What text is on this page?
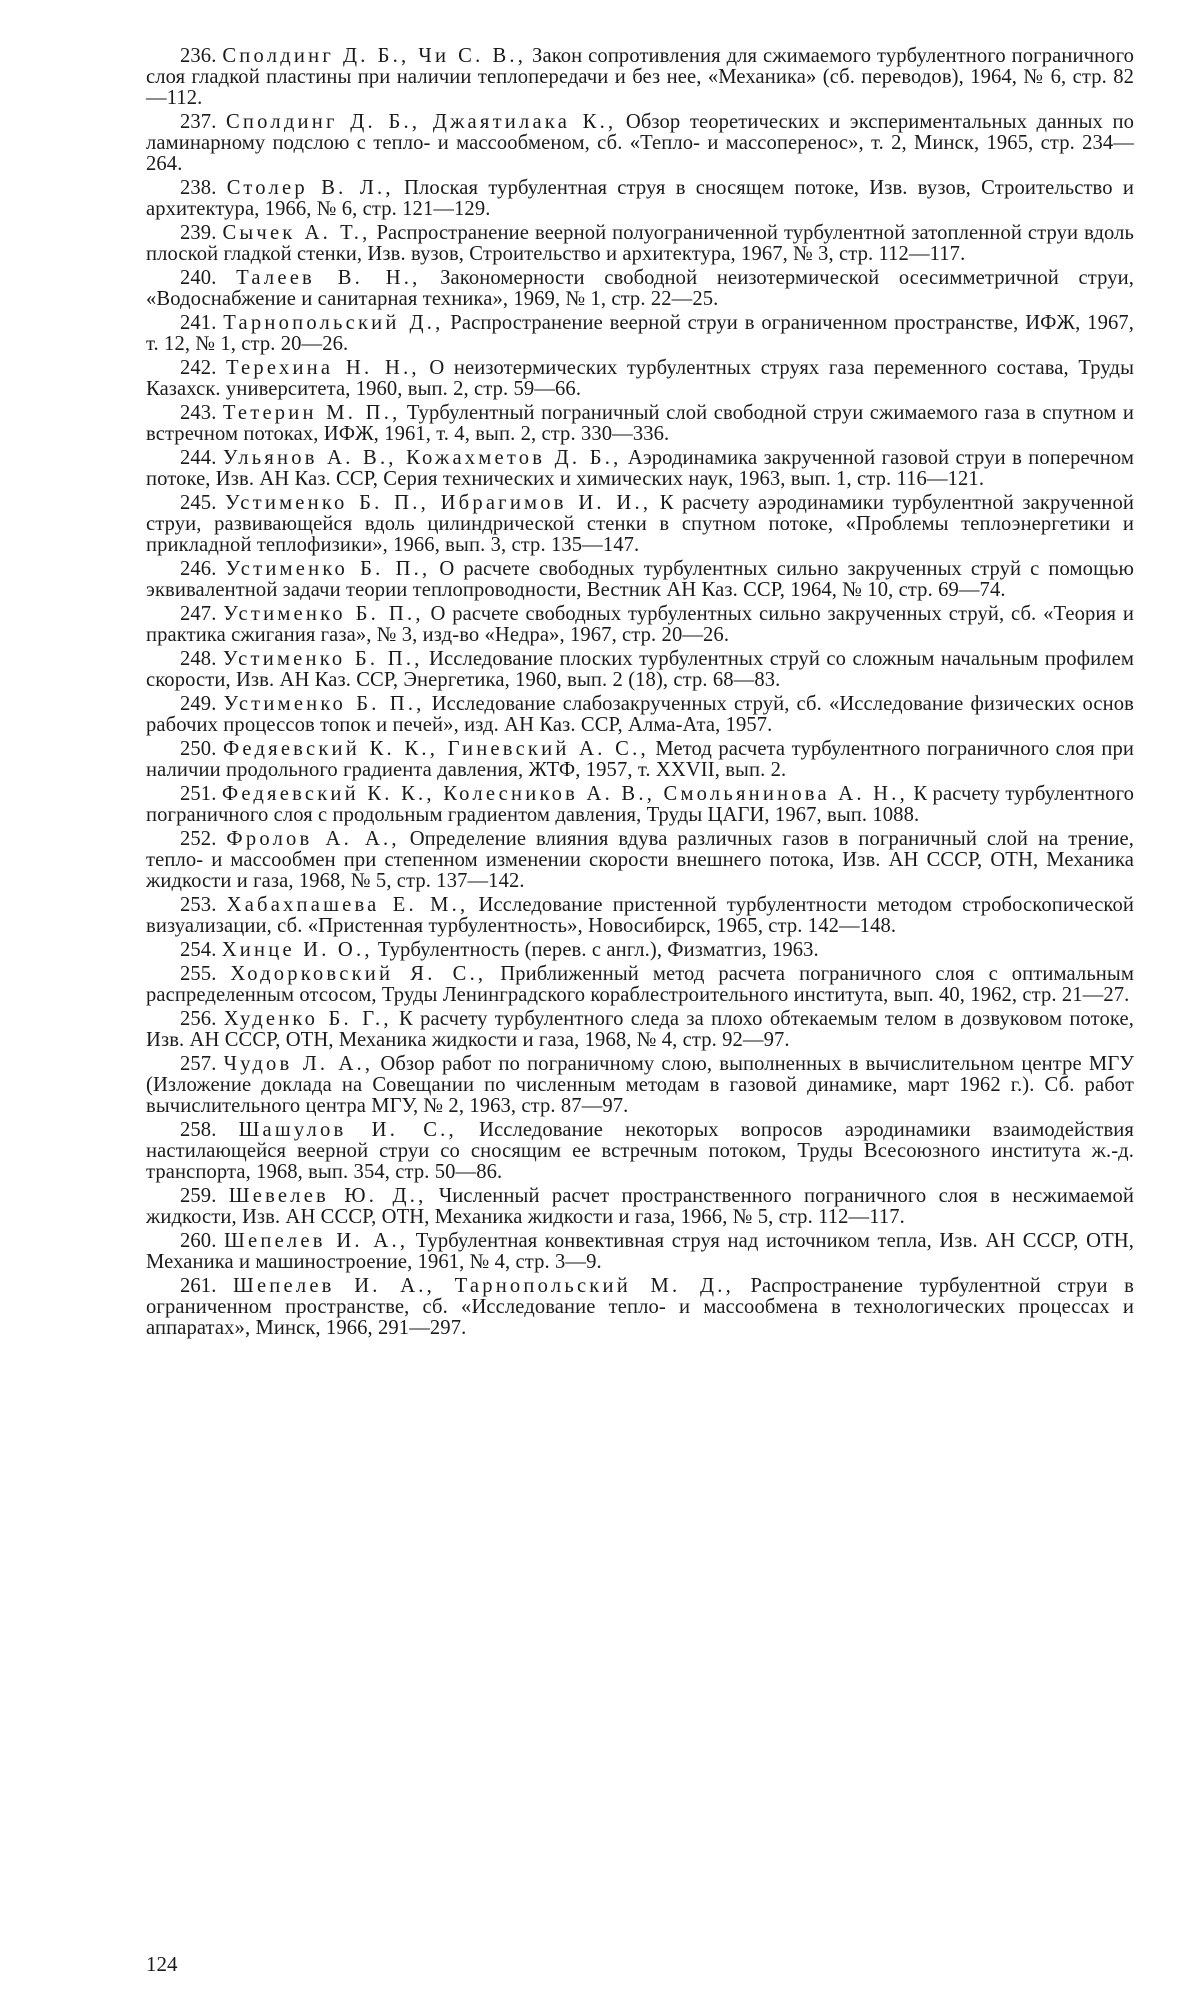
236. Сполдинг Д. Б., Чи С. В., Закон сопротивления для сжимаемого турбулентного пограничного слоя гладкой пластины при наличии теплопередачи и без нее, «Механика» (сб. переводов), 1964, № 6, стр. 82—112.

237. Сполдинг Д. Б., Джаятилака К., Обзор теоретических и экспериментальных данных по ламинарному подслою с тепло- и массообменом, сб. «Тепло- и массоперенос», т. 2, Минск, 1965, стр. 234—264.

238. Столер В. Л., Плоская турбулентная струя в сносящем потоке, Изв. вузов, Строительство и архитектура, 1966, № 6, стр. 121—129.

239. Сычек А. Т., Распространение веерной полуограниченной турбулентной затопленной струи вдоль плоской гладкой стенки, Изв. вузов, Строительство и архитектура, 1967, № 3, стр. 112—117.

240. Талеев В. Н., Закономерности свободной неизотермической осесимметричной струи, «Водоснабжение и санитарная техника», 1969, № 1, стр. 22—25.

241. Тарнопольский Д., Распространение веерной струи в ограниченном пространстве, ИФЖ, 1967, т. 12, № 1, стр. 20—26.

242. Терехина Н. Н., О неизотермических турбулентных струях газа переменного состава, Труды Казахск. университета, 1960, вып. 2, стр. 59—66.

243. Тетерин М. П., Турбулентный пограничный слой свободной струи сжимаемого газа в спутном и встречном потоках, ИФЖ, 1961, т. 4, вып. 2, стр. 330—336.

244. Ульянов А. В., Кожахметов Д. Б., Аэродинамика закрученной газовой струи в поперечном потоке, Изв. АН Каз. ССР, Серия технических и химических наук, 1963, вып. 1, стр. 116—121.

245. Устименко Б. П., Ибрагимов И. И., К расчету аэродинамики турбулентной закрученной струи, развивающейся вдоль цилиндрической стенки в спутном потоке, «Проблемы теплоэнергетики и прикладной теплофизики», 1966, вып. 3, стр. 135—147.

246. Устименко Б. П., О расчете свободных турбулентных сильно закрученных струй с помощью эквивалентной задачи теории теплопроводности, Вестник АН Каз. ССР, 1964, № 10, стр. 69—74.

247. Устименко Б. П., О расчете свободных турбулентных сильно закрученных струй, сб. «Теория и практика сжигания газа», № 3, изд-во «Недра», 1967, стр. 20—26.

248. Устименко Б. П., Исследование плоских турбулентных струй со сложным начальным профилем скорости, Изв. АН Каз. ССР, Энергетика, 1960, вып. 2 (18), стр. 68—83.

249. Устименко Б. П., Исследование слабозакрученных струй, сб. «Исследование физических основ рабочих процессов топок и печей», изд. АН Каз. ССР, Алма-Ата, 1957.

250. Федяевский К. К., Гиневский А. С., Метод расчета турбулентного пограничного слоя при наличии продольного градиента давления, ЖТФ, 1957, т. XXVII, вып. 2.

251. Федяевский К. К., Колесников А. В., Смольянинова А. Н., К расчету турбулентного пограничного слоя с продольным градиентом давления, Труды ЦАГИ, 1967, вып. 1088.

252. Фролов А. А., Определение влияния вдува различных газов в пограничный слой на трение, тепло- и массообмен при степенном изменении скорости внешнего потока, Изв. АН СССР, ОТН, Механика жидкости и газа, 1968, № 5, стр. 137—142.

253. Хабахпашева Е. М., Исследование пристенной турбулентности методом стробоскопической визуализации, сб. «Пристенная турбулентность», Новосибирск, 1965, стр. 142—148.

254. Хинце И. О., Турбулентность (перев. с англ.), Физматгиз, 1963.

255. Ходорковский Я. С., Приближенный метод расчета пограничного слоя с оптимальным распределенным отсосом, Труды Ленинградского кораблестроительного института, вып. 40, 1962, стр. 21—27.

256. Худенко Б. Г., К расчету турбулентного следа за плохо обтекаемым телом в дозвуковом потоке, Изв. АН СССР, ОТН, Механика жидкости и газа, 1968, № 4, стр. 92—97.

257. Чудов Л. А., Обзор работ по пограничному слою, выполненных в вычислительном центре МГУ (Изложение доклада на Совещании по численным методам в газовой динамике, март 1962 г.). Сб. работ вычислительного центра МГУ, № 2, 1963, стр. 87—97.

258. Шашулов И. С., Исследование некоторых вопросов аэродинамики взаимодействия настилающейся веерной струи со сносящим ее встречным потоком, Труды Всесоюзного института ж.-д. транспорта, 1968, вып. 354, стр. 50—86.

259. Шевелев Ю. Д., Численный расчет пространственного пограничного слоя в несжимаемой жидкости, Изв. АН СССР, ОТН, Механика жидкости и газа, 1966, № 5, стр. 112—117.

260. Шепелев И. А., Турбулентная конвективная струя над источником тепла, Изв. АН СССР, ОТН, Механика и машиностроение, 1961, № 4, стр. 3—9.

261. Шепелев И. А., Тарнопольский М. Д., Распространение турбулентной струи в ограниченном пространстве, сб. «Исследование тепло- и массообмена в технологических процессах и аппаратах», Минск, 1966, 291—297.

124
